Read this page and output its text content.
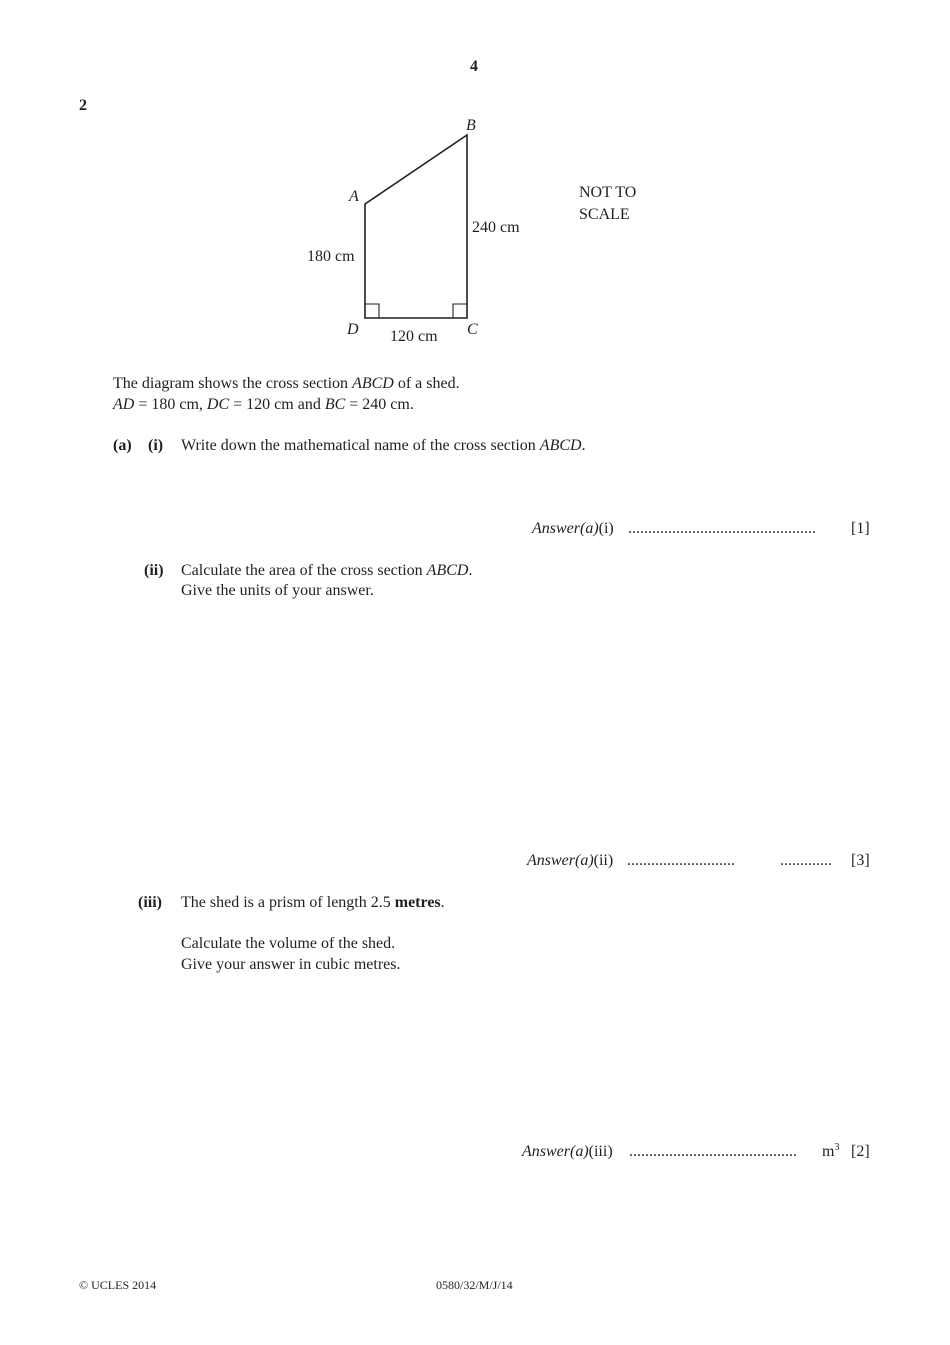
4
2
B
A
D	C
240 cm
180 cm
120 cm
NOT TO
SCALE
The diagram shows the cross section ABCD of a shed.
AD = 180 cm, DC = 120 cm and BC = 240 cm.
(a) (i) Write down the mathematical name of the cross section ABCD.
Answer(a)(i) ............................................... [1]
(ii) Calculate the area of the cross section ABCD.
Give the units of your answer.
Answer(a)(ii) ...........................	............. [3]
(iii) The shed is a prism of length 2.5 metres.
Calculate the volume of the shed.
Give your answer in cubic metres.
Answer(a)(iii) .......................................... $m^3$ [2]
© UCLES 2014	0580/32/M/J/14
